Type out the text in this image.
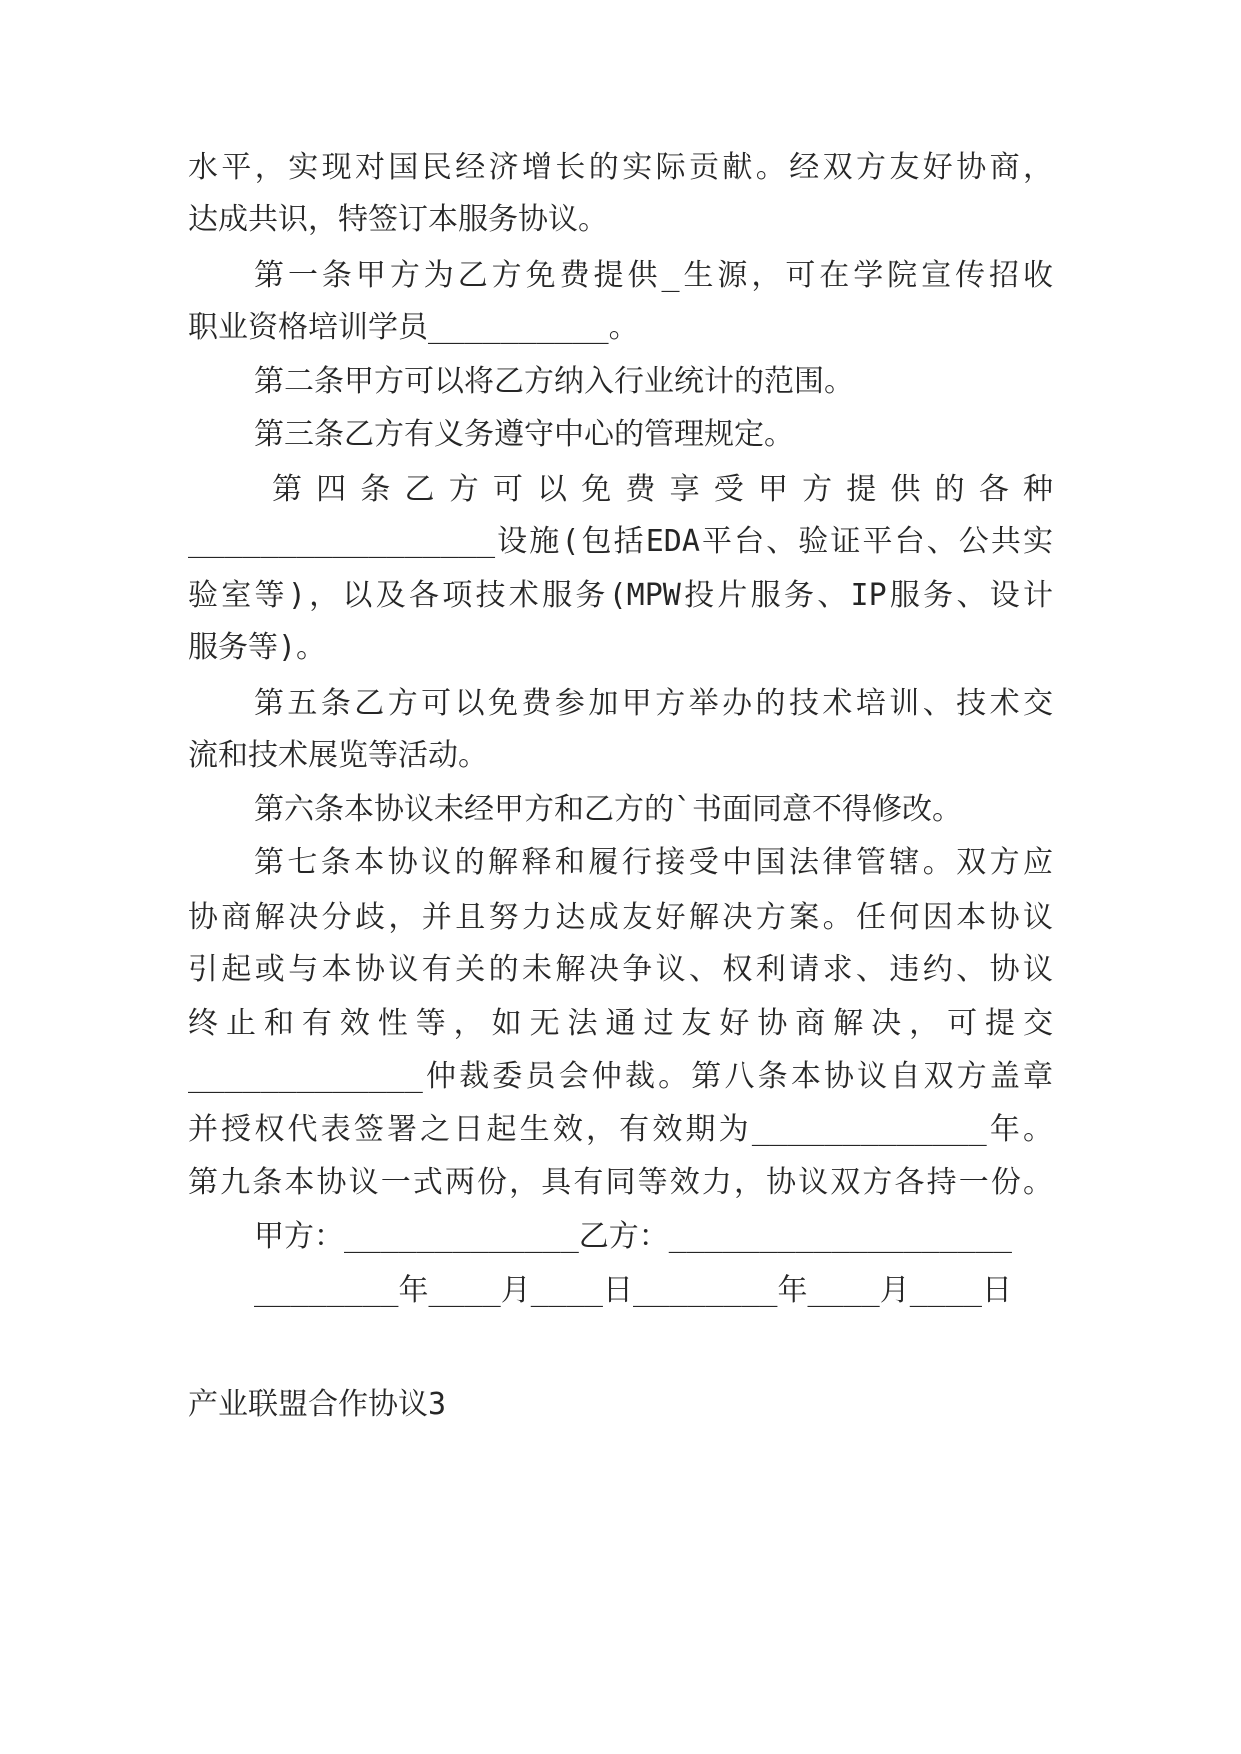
水平，实现对国民经济增长的实际贡献。经双方友好协商，
达成共识，特签订本服务协议。
第一条甲方为乙方免费提供_生源，可在学院宣传招收
职业资格培训学员__________。
第二条甲方可以将乙方纳入行业统计的范围。
第三条乙方有义务遵守中心的管理规定。
第四条乙方可以免费享受甲方提供的各种
_________________设施(包括EDA平台、验证平台、公共实
验室等)，以及各项技术服务(MPW投片服务、IP服务、设计
服务等)。
第五条乙方可以免费参加甲方举办的技术培训、技术交
流和技术展览等活动。
第六条本协议未经甲方和乙方的`书面同意不得修改。
第七条本协议的解释和履行接受中国法律管辖。双方应
协商解决分歧，并且努力达成友好解决方案。任何因本协议
引起或与本协议有关的未解决争议、权利请求、违约、协议
终止和有效性等，如无法通过友好协商解决，可提交
_____________仲裁委员会仲裁。第八条本协议自双方盖章
并授权代表签署之日起生效，有效期为_____________年。
第九条本协议一式两份，具有同等效力，协议双方各持一份。
甲方：_____________乙方：___________________
________年____月____日________年____月____日
产业联盟合作协议3
